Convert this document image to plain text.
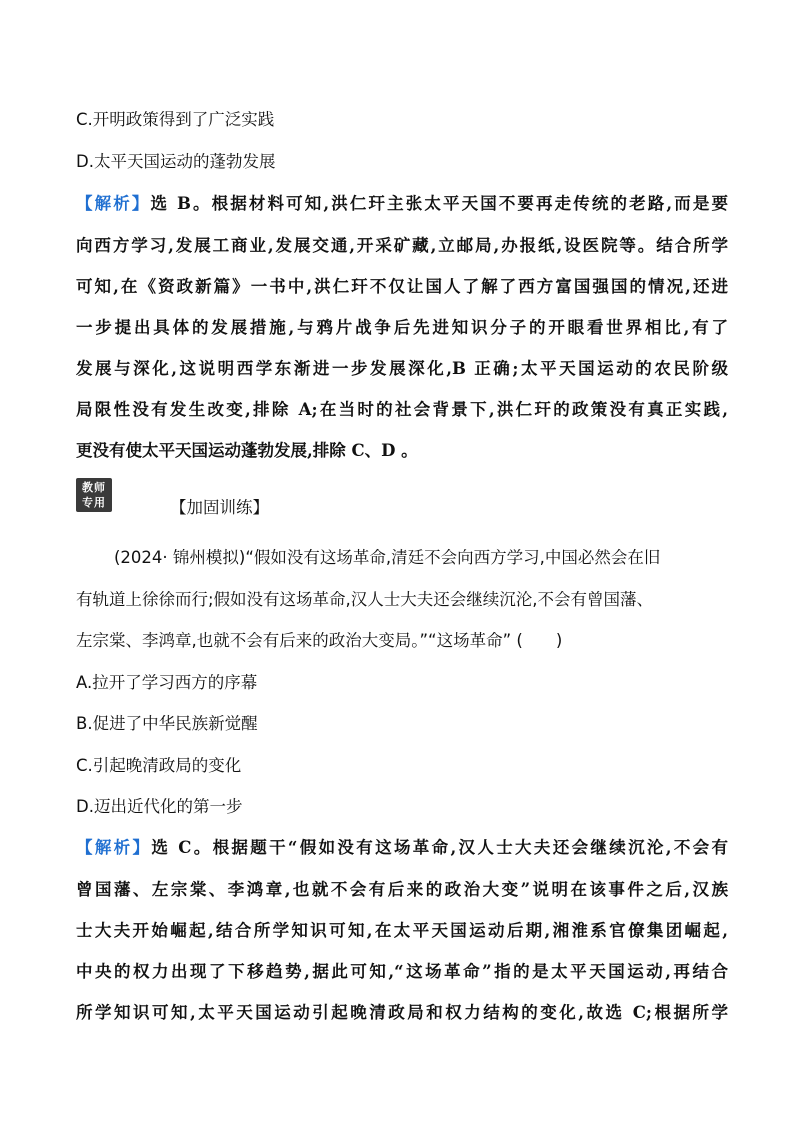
C.开明政策得到了广泛实践
D.太平天国运动的蓬勃发展
【解析】选 B。根据材料可知,洪仁玕主张太平天国不要再走传统的老路,而是要
向西方学习,发展工商业,发展交通,开采矿藏,立邮局,办报纸,设医院等。结合所学
可知,在《资政新篇》一书中,洪仁玕不仅让国人了解了西方富国强国的情况,还进
一步提出具体的发展措施,与鸦片战争后先进知识分子的开眼看世界相比,有了
发展与深化,这说明西学东渐进一步发展深化,B 正确;太平天国运动的农民阶级
局限性没有发生改变,排除 A;在当时的社会背景下,洪仁玕的政策没有真正实践,
更没有使太平天国运动蓬勃发展,排除 C、D 。
教师
专用	【加固训练】
(2024· 锦州模拟)“假如没有这场革命,清廷不会向西方学习,中国必然会在旧
有轨道上徐徐而行;假如没有这场革命,汉人士大夫还会继续沉沦,不会有曾国藩、
左宗棠、李鸿章,也就不会有后来的政治大变局。”“这场革命” (　　)
A.拉开了学习西方的序幕
B.促进了中华民族新觉醒
C.引起晚清政局的变化
D.迈出近代化的第一步
【解析】选 C。根据题干“假如没有这场革命,汉人士大夫还会继续沉沦,不会有
曾国藩、左宗棠、李鸿章,也就不会有后来的政治大变”说明在该事件之后,汉族
士大夫开始崛起,结合所学知识可知,在太平天国运动后期,湘淮系官僚集团崛起,
中央的权力出现了下移趋势,据此可知,“这场革命”指的是太平天国运动,再结合
所学知识可知,太平天国运动引起晚清政局和权力结构的变化,故选 C;根据所学
